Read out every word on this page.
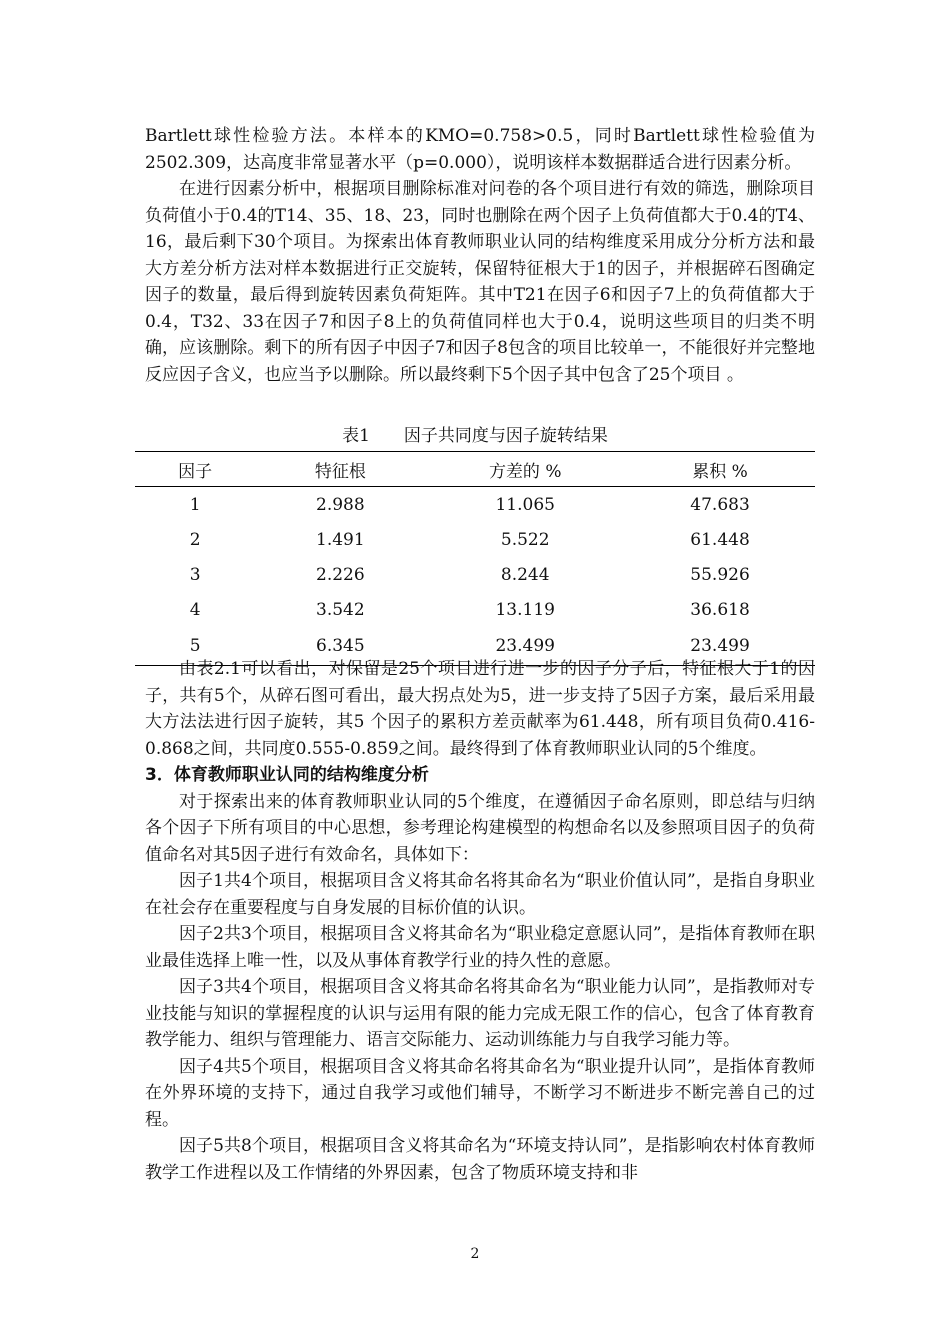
Bartlett球性检验方法。本样本的KMO=0.758>0.5，同时Bartlett球性检验值为2502.309，达高度非常显著水平（p=0.000），说明该样本数据群适合进行因素分析。

在进行因素分析中，根据项目删除标准对问卷的各个项目进行有效的筛选，删除项目负荷值小于0.4的T14、35、18、23，同时也删除在两个因子上负荷值都大于0.4的T4、16，最后剩下30个项目。为探索出体育教师职业认同的结构维度采用成分分析方法和最大方差分析方法对样本数据进行正交旋转，保留特征根大于1的因子，并根据碎石图确定因子的数量，最后得到旋转因素负荷矩阵。其中T21在因子6和因子7上的负荷值都大于0.4，T32、33在因子7和因子8上的负荷值同样也大于0.4，说明这些项目的归类不明确，应该删除。剩下的所有因子中因子7和因子8包含的项目比较单一，不能很好并完整地反应因子含义，也应当予以删除。所以最终剩下5个因子其中包含了25个项目 。

表1　　因子共同度与因子旋转结果
因子	特征根	方差的 %	累积 %
1	2.988	11.065	47.683
2	1.491	5.522	61.448
3	2.226	8.244	55.926
4	3.542	13.119	36.618
5	6.345	23.499	23.499

由表2.1可以看出，对保留是25个项目进行进一步的因子分子后，特征根大于1的因子，共有5个，从碎石图可看出，最大拐点处为5，进一步支持了5因子方案，最后采用最大方法法进行因子旋转，其5 个因子的累积方差贡献率为61.448，所有项目负荷0.416-0.868之间，共同度0.555-0.859之间。最终得到了体育教师职业认同的5个维度。

3．体育教师职业认同的结构维度分析

对于探索出来的体育教师职业认同的5个维度，在遵循因子命名原则，即总结与归纳各个因子下所有项目的中心思想，参考理论构建模型的构想命名以及参照项目因子的负荷值命名对其5因子进行有效命名，具体如下：

因子1共4个项目，根据项目含义将其命名将其命名为“职业价值认同”，是指自身职业在社会存在重要程度与自身发展的目标价值的认识。

因子2共3个项目，根据项目含义将其命名为“职业稳定意愿认同”，是指体育教师在职业最佳选择上唯一性，以及从事体育教学行业的持久性的意愿。

因子3共4个项目，根据项目含义将其命名将其命名为“职业能力认同”，是指教师对专业技能与知识的掌握程度的认识与运用有限的能力完成无限工作的信心，包含了体育教育教学能力、组织与管理能力、语言交际能力、运动训练能力与自我学习能力等。

因子4共5个项目，根据项目含义将其命名将其命名为“职业提升认同”，是指体育教师在外界环境的支持下，通过自我学习或他们辅导，不断学习不断进步不断完善自己的过程。

因子5共8个项目，根据项目含义将其命名为“环境支持认同”，是指影响农村体育教师教学工作进程以及工作情绪的外界因素，包含了物质环境支持和非

2
